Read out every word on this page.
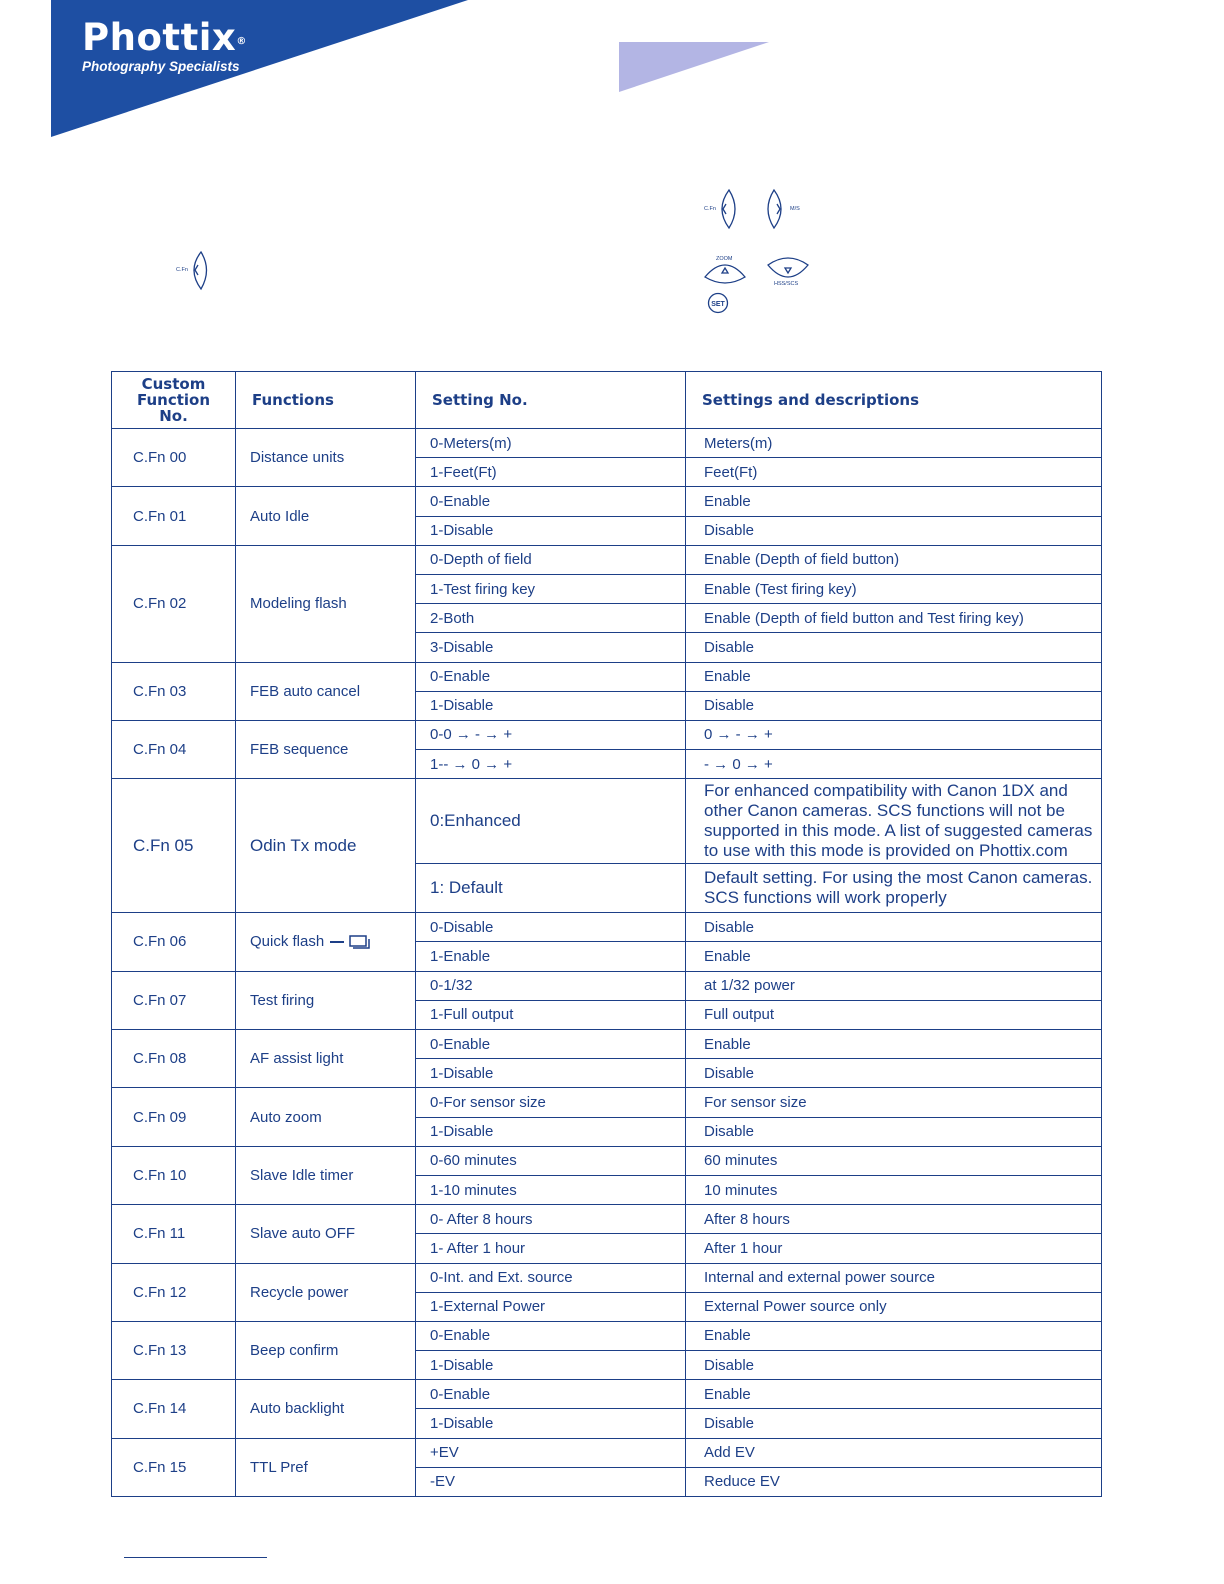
Phottix®
Photography Specialists
C.Fn
C.Fn	M/S
ZOOM
HSS/SCS
SET
Custom
Function
No.	Functions	Setting No.	Settings and descriptions
C.Fn 00	Distance units	0-Meters(m)	Meters(m)
		1-Feet(Ft)	Feet(Ft)
C.Fn 01	Auto Idle	0-Enable	Enable
		1-Disable	Disable
C.Fn 02	Modeling flash	0-Depth of field	Enable (Depth of field button)
		1-Test firing key	Enable (Test firing key)
		2-Both	Enable (Depth of field button and Test firing key)
		3-Disable	Disable
C.Fn 03	FEB auto cancel	0-Enable	Enable
		1-Disable	Disable
C.Fn 04	FEB sequence	0-0 → - → +	0 → - → +
		1-- → 0 → +	- → 0 → +
C.Fn 05	Odin Tx mode	0:Enhanced	For enhanced compatibility with Canon 1DX and other Canon cameras. SCS functions will not be supported in this mode. A list of suggested cameras to use with this mode is provided on Phottix.com
		1: Default	Default setting. For using the most Canon cameras. SCS functions will work properly
C.Fn 06	Quick flash	0-Disable	Disable
		1-Enable	Enable
C.Fn 07	Test firing	0-1/32	at 1/32 power
		1-Full output	Full output
C.Fn 08	AF assist light	0-Enable	Enable
		1-Disable	Disable
C.Fn 09	Auto zoom	0-For sensor size	For sensor size
		1-Disable	Disable
C.Fn 10	Slave Idle timer	0-60 minutes	60 minutes
		1-10 minutes	10 minutes
C.Fn 11	Slave auto OFF	0- After 8 hours	After 8 hours
		1- After 1 hour	After 1 hour
C.Fn 12	Recycle power	0-Int. and Ext. source	Internal and external power source
		1-External Power	External Power source only
C.Fn 13	Beep confirm	0-Enable	Enable
		1-Disable	Disable
C.Fn 14	Auto backlight	0-Enable	Enable
		1-Disable	Disable
C.Fn 15	TTL Pref	+EV	Add EV
		-EV	Reduce EV
